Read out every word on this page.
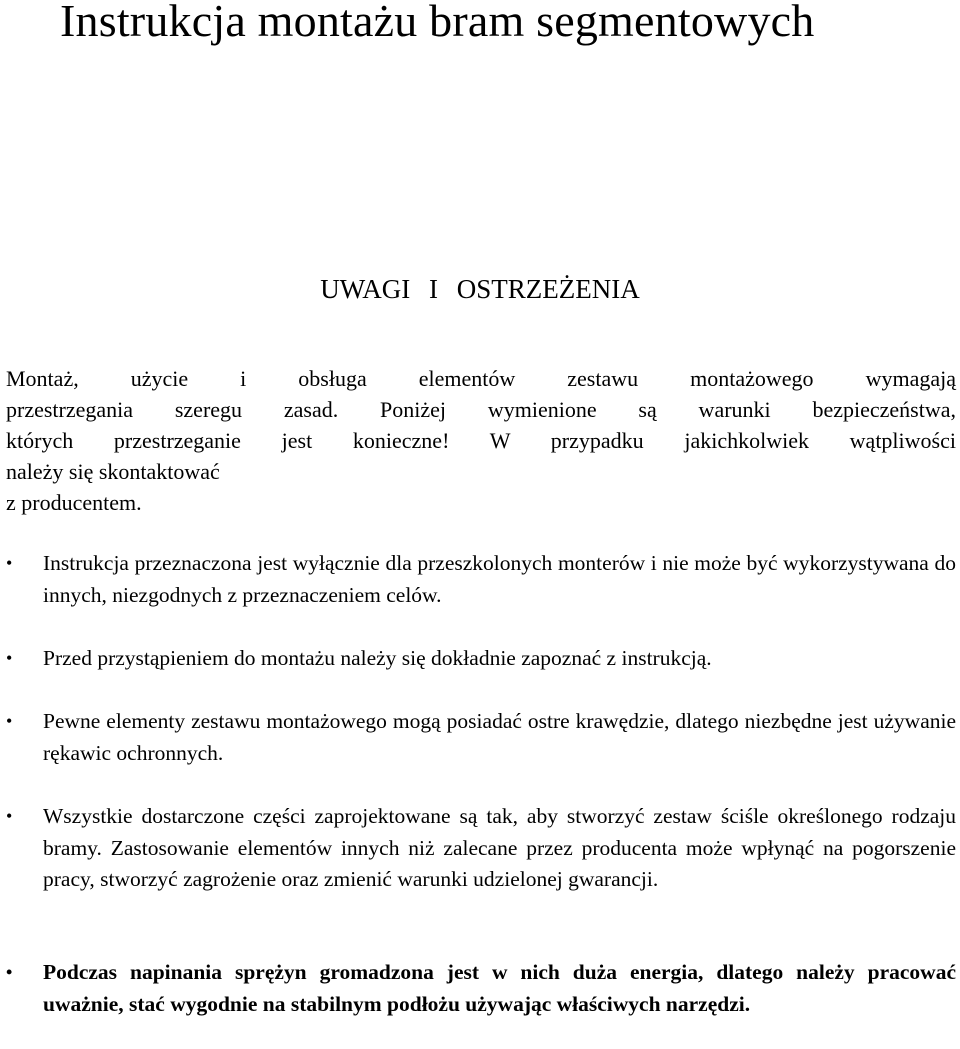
Instrukcja montażu bram segmentowych
UWAGI I OSTRZEŻENIA

Montaż, użycie i obsługa elementów zestawu montażowego wymagają
przestrzegania szeregu zasad. Poniżej wymienione są warunki bezpieczeństwa,
których przestrzeganie jest konieczne! W przypadku jakichkolwiek wątpliwości
należy się skontaktować
z producentem.

• Instrukcja przeznaczona jest wyłącznie dla przeszkolonych monterów i nie może być wykorzystywana do innych, niezgodnych z przeznaczeniem celów.
• Przed przystąpieniem do montażu należy się dokładnie zapoznać z instrukcją.
• Pewne elementy zestawu montażowego mogą posiadać ostre krawędzie, dlatego niezbędne jest używanie rękawic ochronnych.
• Wszystkie dostarczone części zaprojektowane są tak, aby stworzyć zestaw ściśle określonego rodzaju bramy. Zastosowanie elementów innych niż zalecane przez producenta może wpłynąć na pogorszenie pracy, stworzyć zagrożenie oraz zmienić warunki udzielonej gwarancji.
• Podczas napinania sprężyn gromadzona jest w nich duża energia, dlatego należy pracować uważnie, stać wygodnie na stabilnym podłożu używając właściwych narzędzi.
